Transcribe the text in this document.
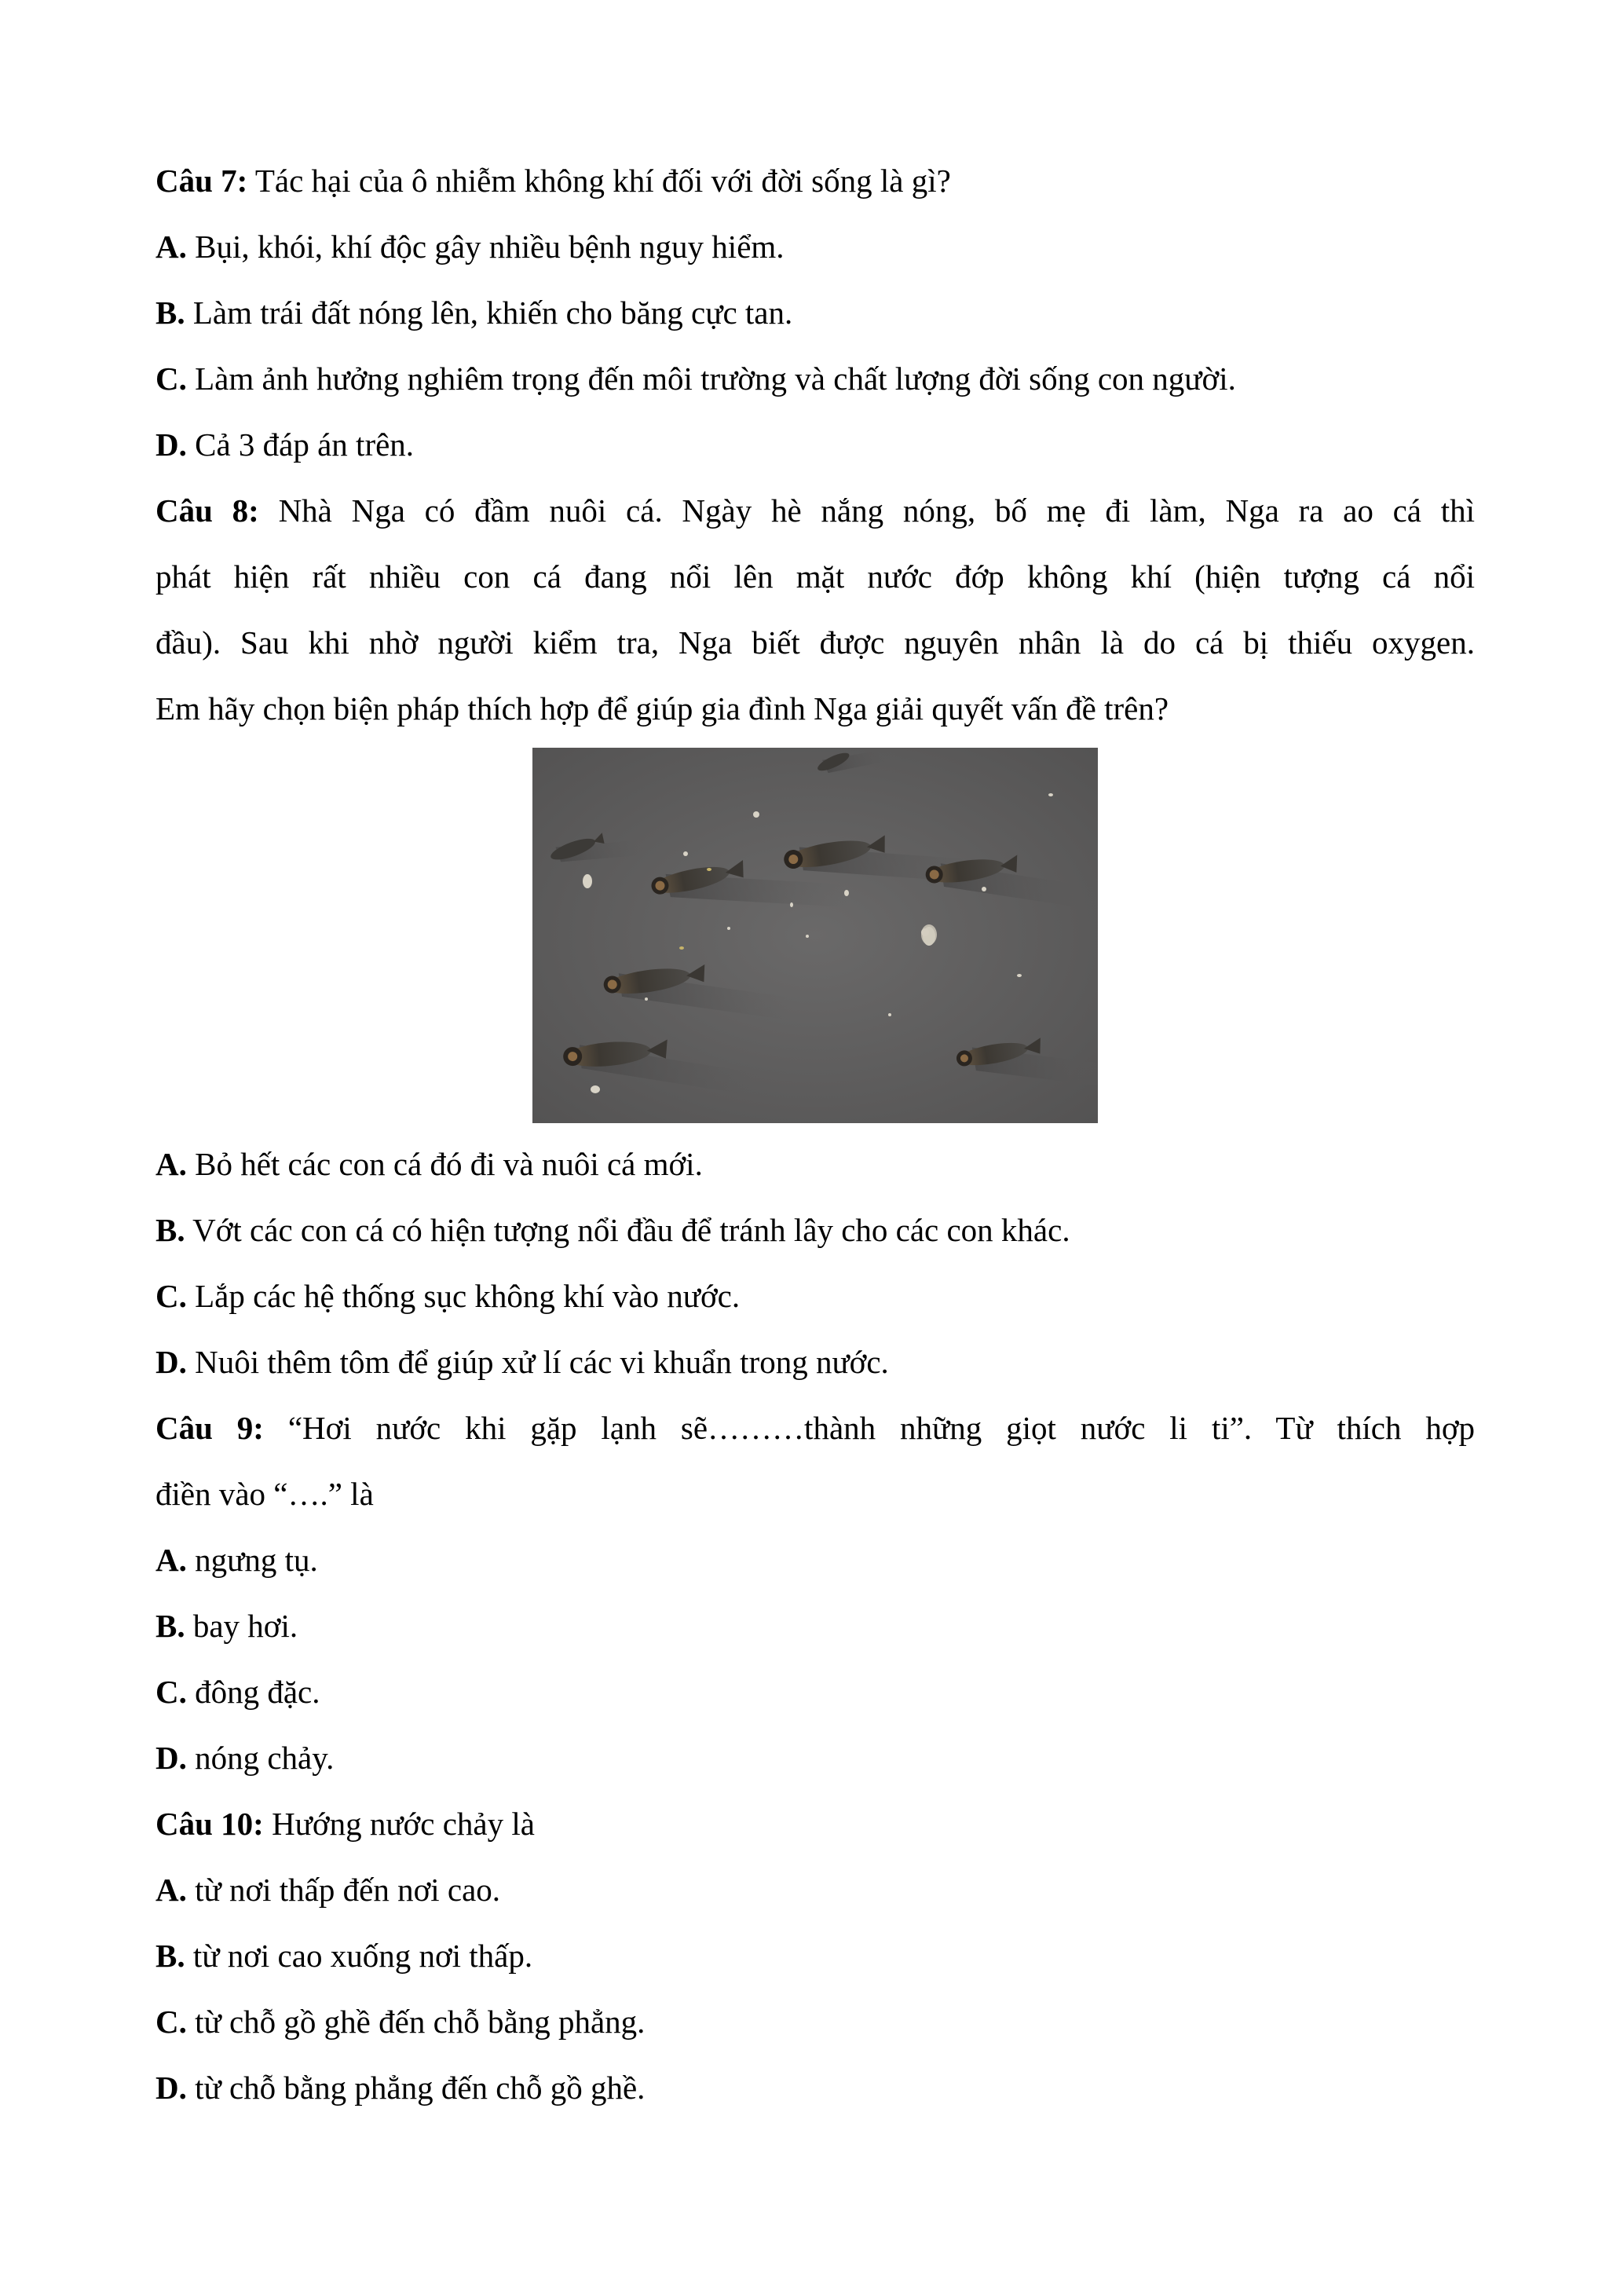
Câu 7: Tác hại của ô nhiễm không khí đối với đời sống là gì?
A. Bụi, khói, khí độc gây nhiều bệnh nguy hiểm.
B. Làm trái đất nóng lên, khiến cho băng cực tan.
C. Làm ảnh hưởng nghiêm trọng đến môi trường và chất lượng đời sống con người.
D. Cả 3 đáp án trên.
Câu 8: Nhà Nga có đầm nuôi cá. Ngày hè nắng nóng, bố mẹ đi làm, Nga ra ao cá thì
phát hiện rất nhiều con cá đang nổi lên mặt nước đớp không khí (hiện tượng cá nổi
đầu). Sau khi nhờ người kiểm tra, Nga biết được nguyên nhân là do cá bị thiếu oxygen.
Em hãy chọn biện pháp thích hợp để giúp gia đình Nga giải quyết vấn đề trên?
A. Bỏ hết các con cá đó đi và nuôi cá mới.
B. Vớt các con cá có hiện tượng nổi đầu để tránh lây cho các con khác.
C. Lắp các hệ thống sục không khí vào nước.
D. Nuôi thêm tôm để giúp xử lí các vi khuẩn trong nước.
Câu 9: “Hơi nước khi gặp lạnh sẽ………thành những giọt nước li ti”. Từ thích hợp
điền vào “….” là
A. ngưng tụ.
B. bay hơi.
C. đông đặc.
D. nóng chảy.
Câu 10: Hướng nước chảy là
A. từ nơi thấp đến nơi cao.
B. từ nơi cao xuống nơi thấp.
C. từ chỗ gồ ghề đến chỗ bằng phẳng.
D. từ chỗ bằng phẳng đến chỗ gồ ghề.
